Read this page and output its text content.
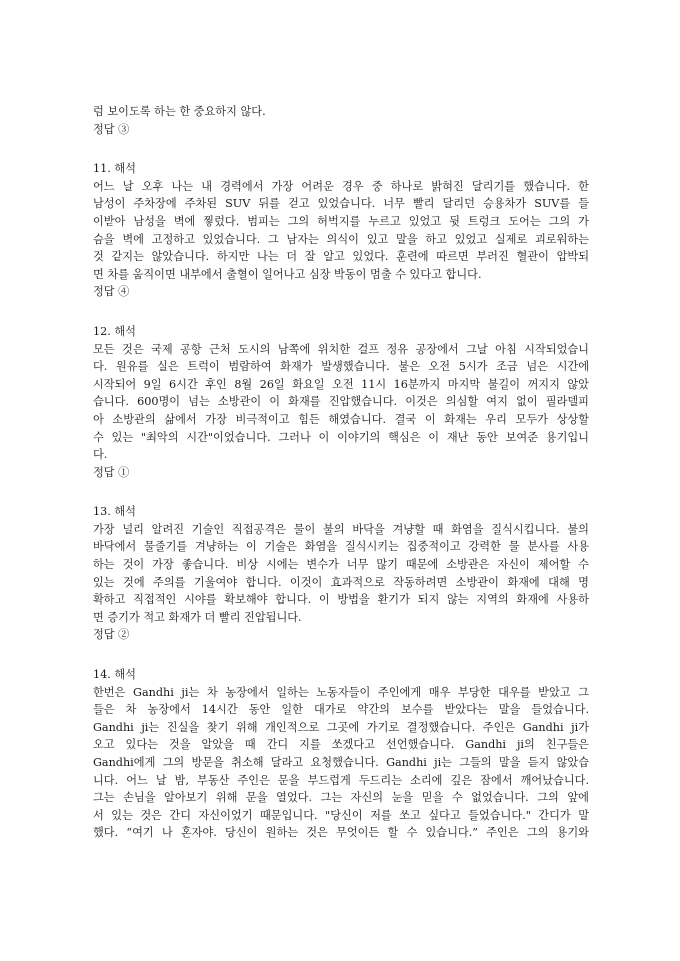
럼 보이도록 하는 한 중요하지 않다.
정답 ③
11. 해석
어느 날 오후 나는 내 경력에서 가장 어려운 경우 중 하나로 밝혀진 달리기를 했습니다. 한
남성이 주차장에 주차된 SUV 뒤를 걷고 있었습니다. 너무 빨리 달리던 승용차가 SUV를 들
이받아 남성을 벽에 찧렀다. 범피는 그의 허벅지를 누르고 있었고 뒷 트렁크 도어는 그의 가
슴을 벽에 고정하고 있었습니다. 그 남자는 의식이 있고 말을 하고 있었고 실제로 괴로워하는
것 같지는 않았습니다. 하지만 나는 더 잘 알고 있었다. 훈련에 따르면 부러진 혈관이 압박되
면 차를 움직이면 내부에서 출혈이 일어나고 심장 박동이 멈출 수 있다고 합니다.
정답 ④
12. 해석
모든 것은 국제 공항 근처 도시의 남쪽에 위치한 걸프 정유 공장에서 그날 아침 시작되었습니
다. 원유를 실은 트럭이 범람하여 화재가 발생했습니다. 불은 오전 5시가 조금 넘은 시간에
시작되어 9일 6시간 후인 8월 26일 화요일 오전 11시 16분까지 마지막 불길이 꺼지지 않았
습니다. 600명이 넘는 소방관이 이 화재를 진압했습니다. 이것은 의심할 여지 없이 필라델피
아 소방관의 삶에서 가장 비극적이고 힘든 해였습니다. 결국 이 화재는 우리 모두가 상상할
수 있는 "최악의 시간"이었습니다. 그러나 이 이야기의 핵심은 이 재난 동안 보여준 용기입니
다.
정답 ①
13. 해석
가장 널리 알려진 기술인 직접공격은 물이 불의 바닥을 겨냥할 때 화염을 질식시킵니다. 불의
바닥에서 물줄기를 겨냥하는 이 기술은 화염을 질식시키는 집중적이고 강력한 물 분사를 사용
하는 것이 가장 좋습니다. 비상 시에는 변수가 너무 많기 때문에 소방관은 자신이 제어할 수
있는 것에 주의를 기울여야 합니다. 이것이 효과적으로 작동하려면 소방관이 화재에 대해 명
확하고 직접적인 시야를 확보해야 합니다. 이 방법을 환기가 되지 않는 지역의 화재에 사용하
면 증기가 적고 화재가 더 빨리 진압됩니다.
정답 ②
14. 해석
한번은 Gandhi ji는 차 농장에서 일하는 노동자들이 주인에게 매우 부당한 대우를 받았고 그
들은 차 농장에서 14시간 동안 일한 대가로 약간의 보수를 받았다는 말을 들었습니다.
Gandhi ji는 진실을 찾기 위해 개인적으로 그곳에 가기로 결정했습니다. 주인은 Gandhi ji가
오고 있다는 것을 알았을 때 간디 지를 쏘겠다고 선언했습니다. Gandhi ji의 친구들은
Gandhi에게 그의 방문을 취소해 달라고 요청했습니다. Gandhi ji는 그들의 말을 듣지 않았습
니다. 어느 날 밤, 부동산 주인은 문을 부드럽게 두드리는 소리에 깊은 잠에서 깨어났습니다.
그는 손님을 알아보기 위해 문을 열었다. 그는 자신의 눈을 믿을 수 없었습니다. 그의 앞에
서 있는 것은 간디 자신이었기 때문입니다. "당신이 저를 쏘고 싶다고 들었습니다." 간디가 말
했다. “여기 나 혼자야. 당신이 원하는 것은 무엇이든 할 수 있습니다.” 주인은 그의 용기와
